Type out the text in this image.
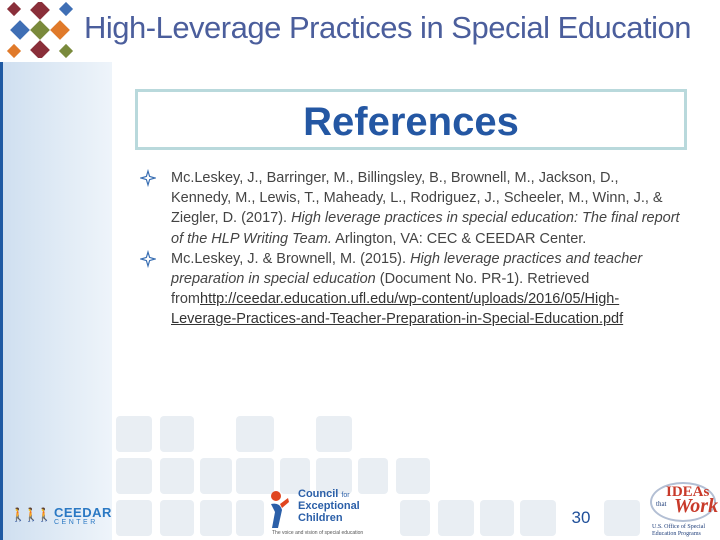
High-Leverage Practices in Special Education
References
Mc.Leskey, J., Barringer, M., Billingsley, B., Brownell, M., Jackson, D., Kennedy, M., Lewis, T., Maheady, L., Rodriguez, J., Scheeler, M., Winn, J., & Ziegler, D. (2017). High leverage practices in special education: The final report of the HLP Writing Team. Arlington, VA: CEC & CEEDAR Center.
Mc.Leskey, J. & Brownell, M. (2015). High leverage practices and teacher preparation in special education (Document No. PR-1). Retrieved fromhttp://ceedar.education.ufl.edu/wp-content/uploads/2016/05/High-Leverage-Practices-and-Teacher-Preparation-in-Special-Education.pdf
🚶🚶🚶 CEEDAR
CENTER
Council for
Exceptional
Children
The voice and vision of special education
30
IDEAs
that Work
U.S. Office of Special Education Programs
